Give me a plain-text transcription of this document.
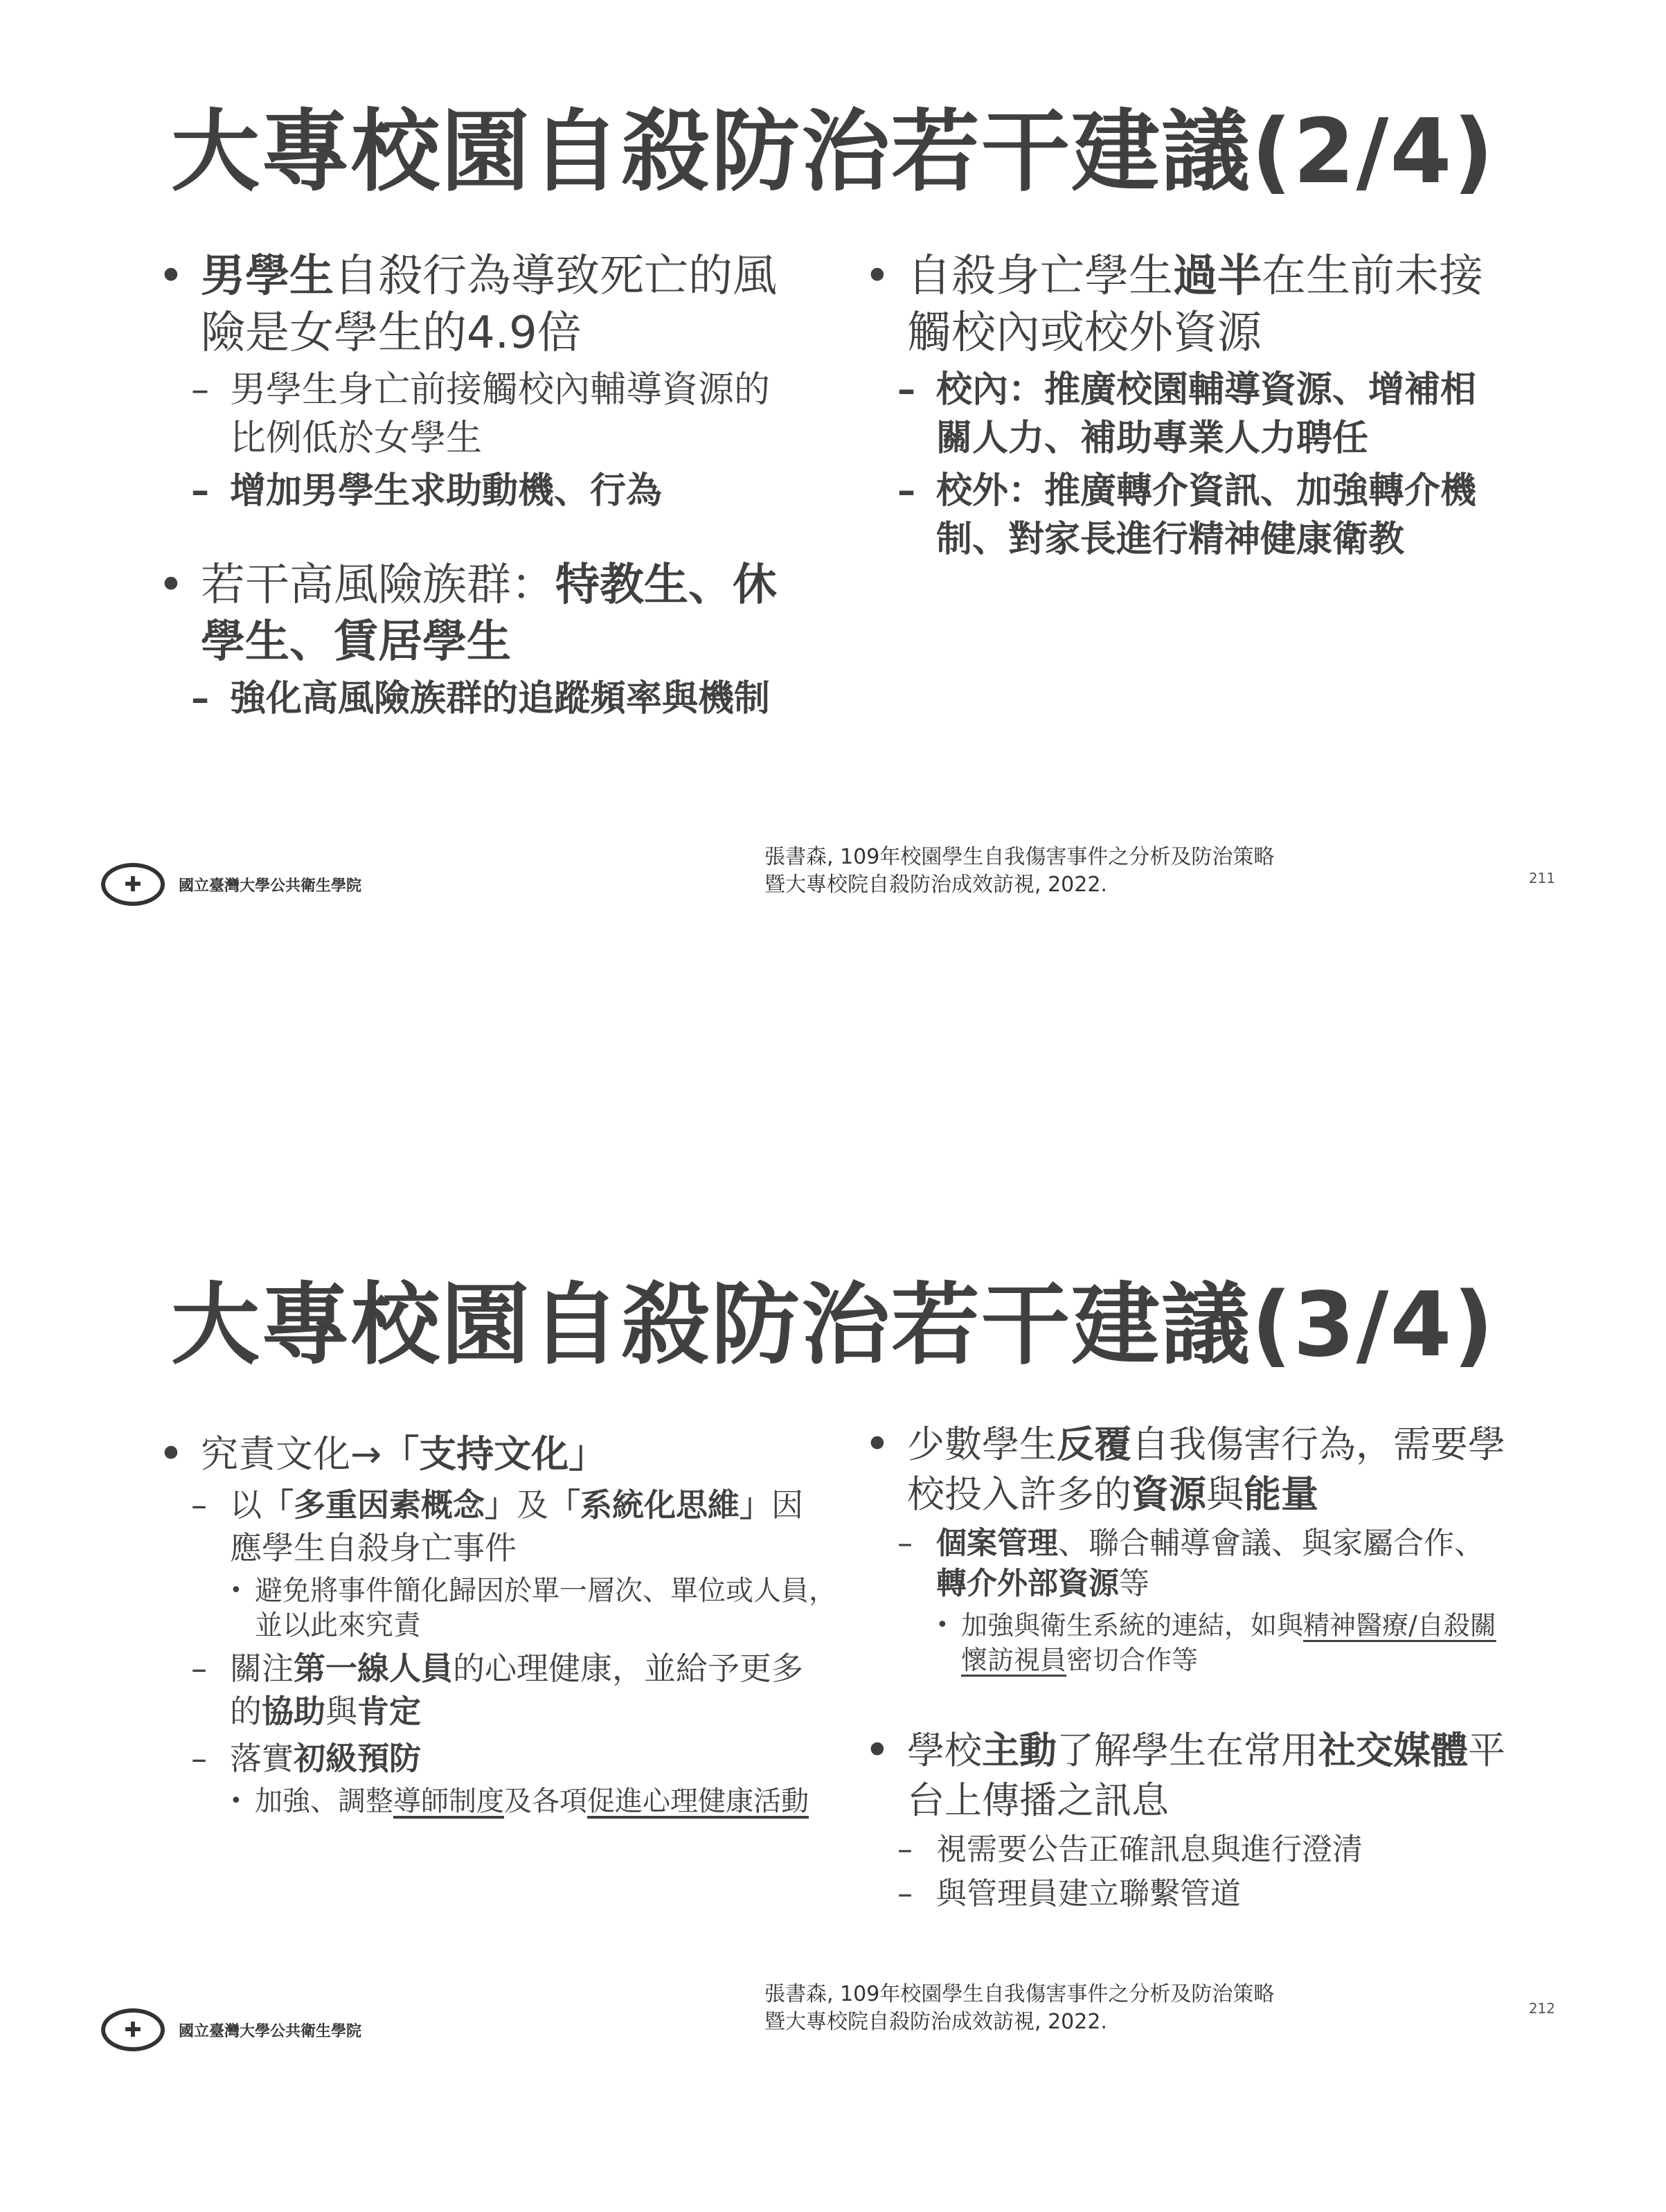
大專校園自殺防治若干建議(2/4)
• 男學生自殺行為導致死亡的風
險是女學生的4.9倍
– 男學生身亡前接觸校內輔導資源的
比例低於女學生
– 增加男學生求助動機、行為
• 若干高風險族群：特教生、休
學生、賃居學生
– 強化高風險族群的追蹤頻率與機制
• 自殺身亡學生過半在生前未接
觸校內或校外資源
– 校內：推廣校園輔導資源、增補相
關人力、補助專業人力聘任
– 校外：推廣轉介資訊、加強轉介機
制、對家長進行精神健康衛教
✚	國立臺灣大學公共衛生學院
張書森, 109年校園學生自我傷害事件之分析及防治策略
暨大專校院自殺防治成效訪視, 2022.	211
大專校園自殺防治若干建議(3/4)
• 究責文化→「支持文化」
– 以「多重因素概念」及「系統化思維」因
應學生自殺身亡事件
• 避免將事件簡化歸因於單一層次、單位或人員，
並以此來究責
– 關注第一線人員的心理健康，並給予更多
的協助與肯定
– 落實初級預防
• 加強、調整導師制度及各項促進心理健康活動
• 少數學生反覆自我傷害行為，需要學
校投入許多的資源與能量
– 個案管理、聯合輔導會議、與家屬合作、
轉介外部資源等
• 加強與衛生系統的連結，如與精神醫療/自殺關
懷訪視員密切合作等
• 學校主動了解學生在常用社交媒體平
台上傳播之訊息
– 視需要公告正確訊息與進行澄清
– 與管理員建立聯繫管道
✚	國立臺灣大學公共衛生學院
張書森, 109年校園學生自我傷害事件之分析及防治策略
暨大專校院自殺防治成效訪視, 2022.
212
